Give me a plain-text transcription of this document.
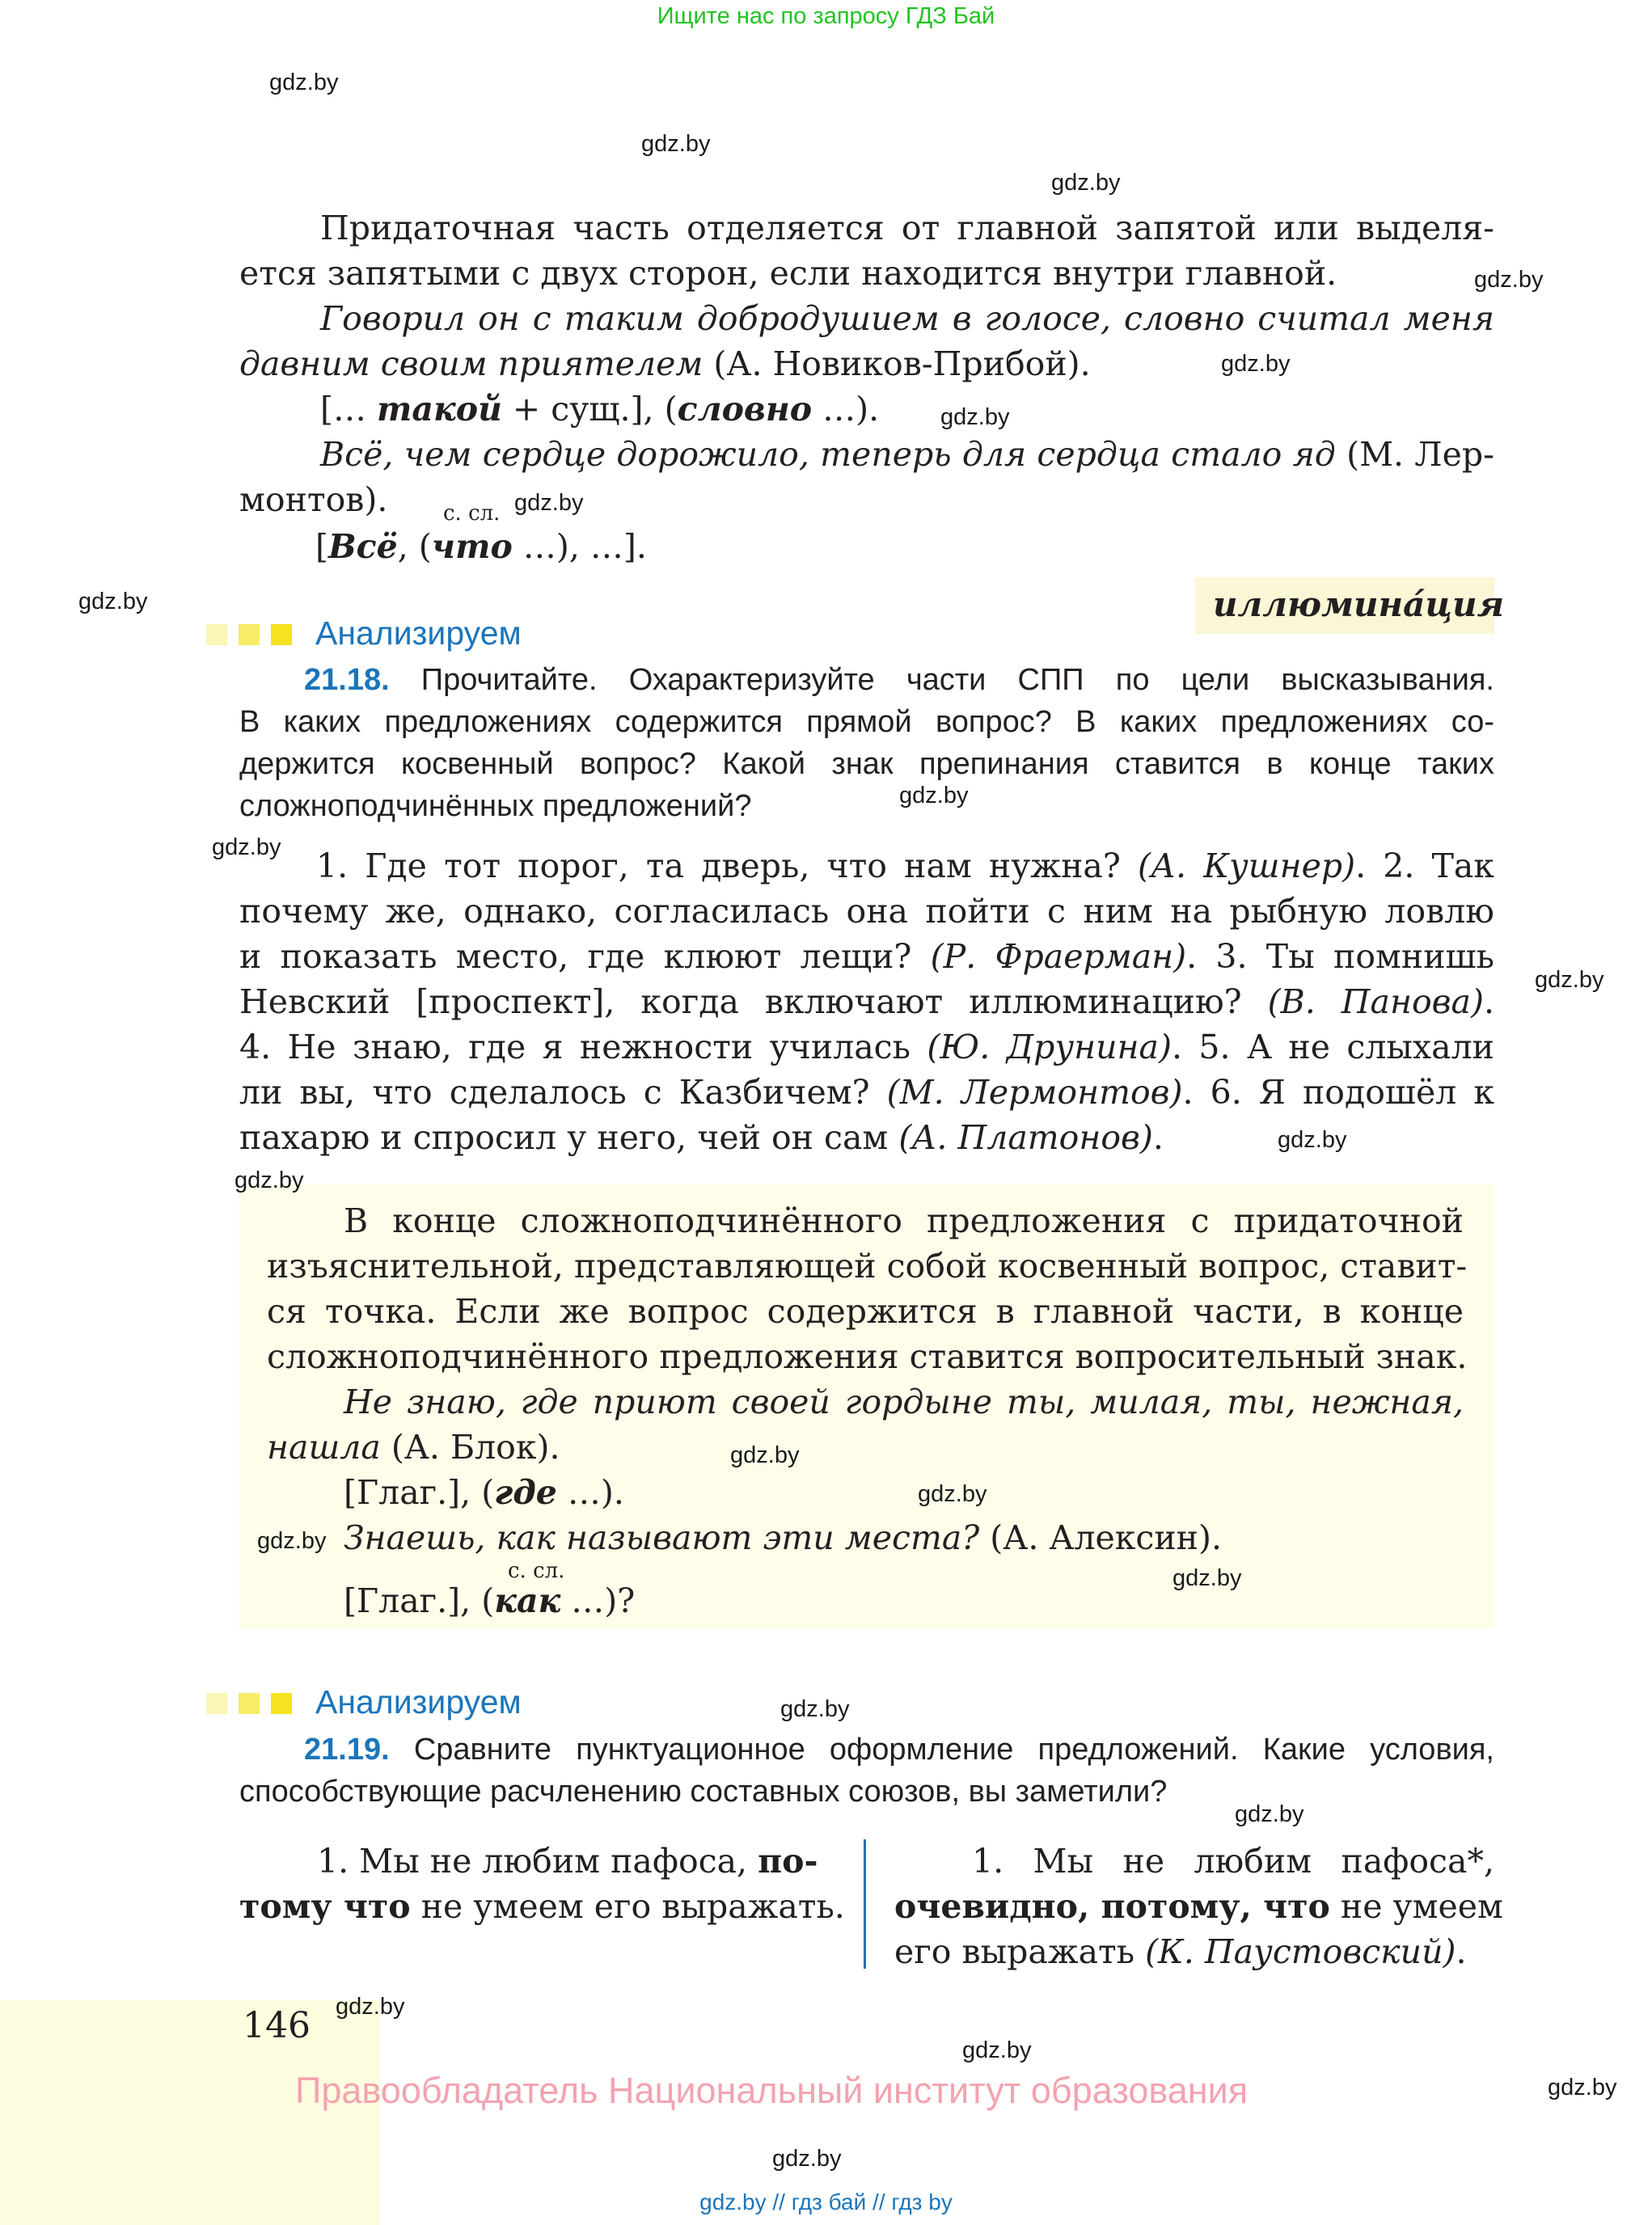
Ищите нас по запросу ГДЗ Бай
Придаточная часть отделяется от главной запятой или выделя-
ется запятыми с двух сторон, если находится внутри главной.
Говорил он с таким добродушием в голосе, словно считал меня
давним своим приятелем (А. Новиков-Прибой).
[… такой + сущ.], (словно …).
Всё, чем сердце дорожило, теперь для сердца стало яд (М. Лер-
монтов).	с. сл.
[Всё, (что …), …].
иллюмина́ция
Анализируем
21.18. Прочитайте. Охарактеризуйте части СПП по цели высказывания.
В каких предложениях содержится прямой вопрос? В каких предложениях со-
держится косвенный вопрос? Какой знак препинания ставится в конце таких
сложноподчинённых предложений?
1. Где тот порог, та дверь, что нам нужна? (А. Кушнер). 2. Так
почему же, однако, согласилась она пойти с ним на рыбную ловлю
и показать место, где клюют лещи? (Р. Фраерман). 3. Ты помнишь
Невский [проспект], когда включают иллюминацию? (В. Панова).
4. Не знаю, где я нежности училась (Ю. Друнина). 5. А не слыхали
ли вы, что сделалось с Казбичем? (М. Лермонтов). 6. Я подошёл к
пахарю и спросил у него, чей он сам (А. Платонов).
В конце сложноподчинённого предложения с придаточной
изъяснительной, представляющей собой косвенный вопрос, ставит-
ся точка. Если же вопрос содержится в главной части, в конце
сложноподчинённого предложения ставится вопросительный знак.
Не знаю, где приют своей гордыне ты, милая, ты, нежная,
нашла (А. Блок).
[Глаг.], (где …).
Знаешь, как называют эти места? (А. Алексин).
с. сл.
[Глаг.], (как …)?
Анализируем
21.19. Сравните пунктуационное оформление предложений. Какие условия,
способствующие расчленению составных союзов, вы заметили?
1. Мы не любим пафоса, по-
тому что не умеем его выражать.
1. Мы не любим пафоса*,
очевидно, потому, что не умеем
его выражать (К. Паустовский).
146
Правообладатель Национальный институт образования
gdz.by // гдз бай // гдз by
gdz.by
gdz.by
gdz.by
gdz.by
gdz.by
gdz.by
gdz.by
gdz.by
gdz.by
gdz.by
gdz.by
gdz.by
gdz.by
gdz.by
gdz.by
gdz.by
gdz.by
gdz.by
gdz.by
gdz.by
gdz.by
gdz.by
gdz.by
